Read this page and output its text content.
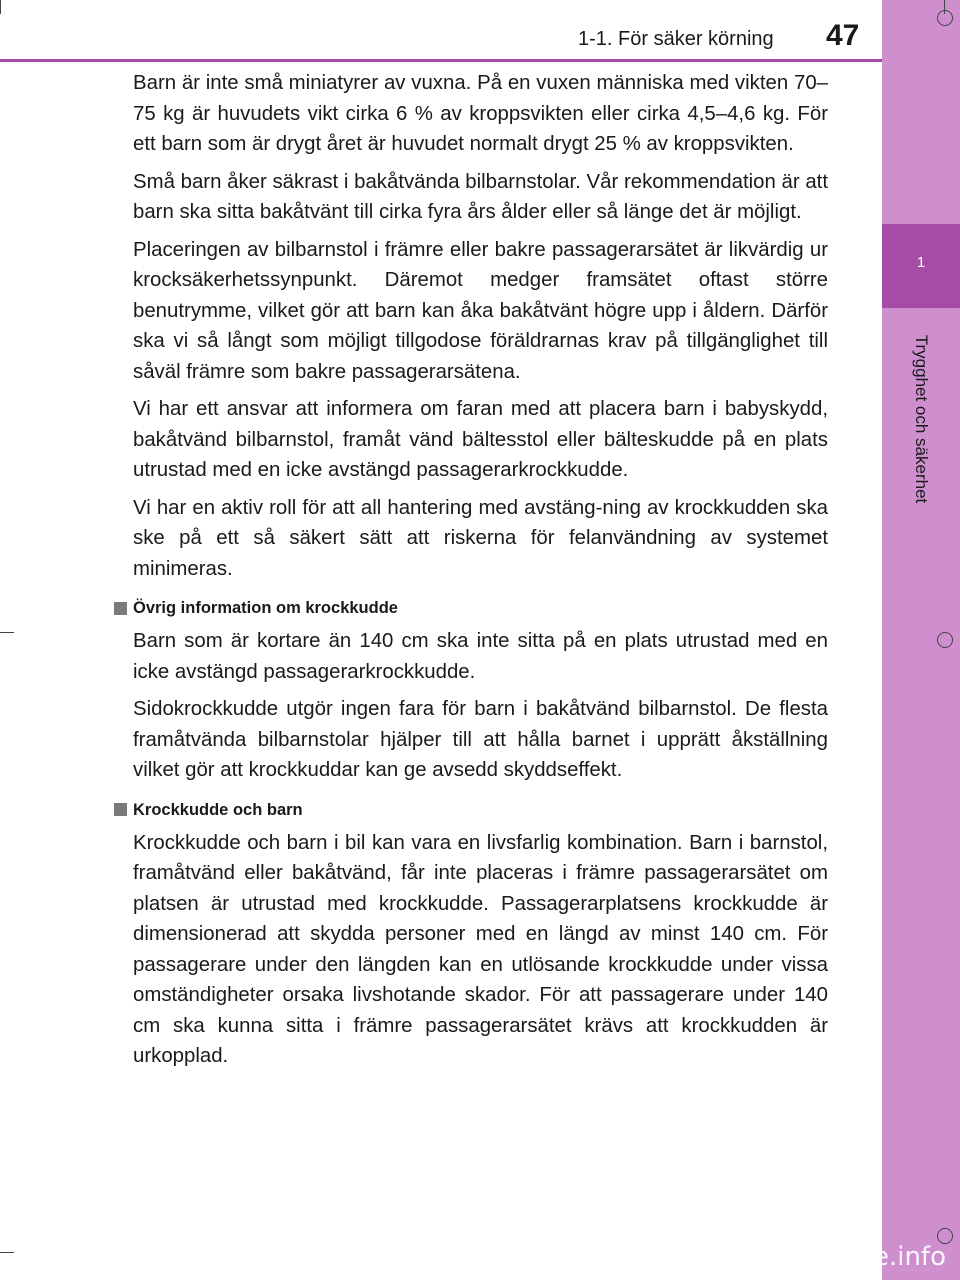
1-1. För säker körning 47
1
Trygghet och säkerhet

Barn är inte små miniatyrer av vuxna. På en vuxen människa med vikten 70–75 kg är huvudets vikt cirka 6 % av kroppsvikten eller cirka 4,5–4,6 kg. För ett barn som är drygt året är huvudet normalt drygt 25 % av kroppsvikten.

Små barn åker säkrast i bakåtvända bilbarnstolar. Vår rekommendation är att barn ska sitta bakåtvänt till cirka fyra års ålder eller så länge det är möjligt.

Placeringen av bilbarnstol i främre eller bakre passagerarsätet är likvärdig ur krocksäkerhetssynpunkt. Däremot medger framsätet oftast större benutrymme, vilket gör att barn kan åka bakåtvänt högre upp i åldern. Därför ska vi så långt som möjligt tillgodose föräldrarnas krav på tillgänglighet till såväl främre som bakre passagerarsätena.

Vi har ett ansvar att informera om faran med att placera barn i babyskydd, bakåtvänd bilbarnstol, framåt vänd bältesstol eller bälteskudde på en plats utrustad med en icke avstängd passagerarkrockkudde.

Vi har en aktiv roll för att all hantering med avstäng-ning av krockkudden ska ske på ett så säkert sätt att riskerna för felanvändning av systemet minimeras.

Övrig information om krockkudde

Barn som är kortare än 140 cm ska inte sitta på en plats utrustad med en icke avstängd passagerarkrockkudde.

Sidokrockkudde utgör ingen fara för barn i bakåtvänd bilbarnstol. De flesta framåtvända bilbarnstolar hjälper till att hålla barnet i upprätt åkställning vilket gör att krockkuddar kan ge avsedd skyddseffekt.

Krockkudde och barn

Krockkudde och barn i bil kan vara en livsfarlig kombination. Barn i barnstol, framåtvänd eller bakåtvänd, får inte placeras i främre passagerarsätet om platsen är utrustad med krockkudde. Passagerarplatsens krockkudde är dimensionerad att skydda personer med en längd av minst 140 cm. För passagerare under den längden kan en utlösande krockkudde under vissa omständigheter orsaka livshotande skador. För att passagerare under 140 cm ska kunna sitta i främre passagerarsätet krävs att krockkudden är urkopplad.

carmanualsonline.info
